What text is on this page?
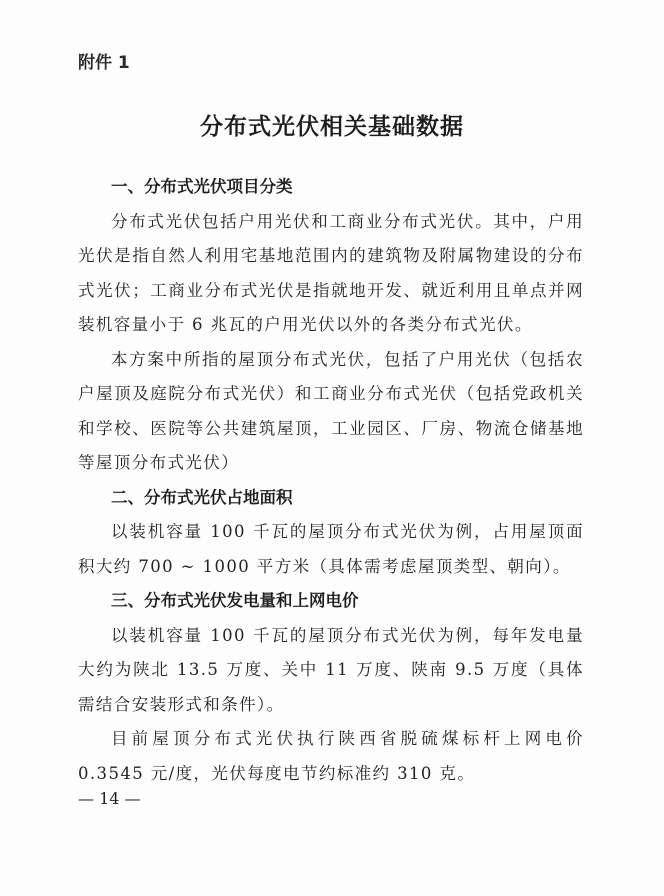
附件 1
分布式光伏相关基础数据
一、分布式光伏项目分类

分布式光伏包括户用光伏和工商业分布式光伏。其中，户用光伏是指自然人利用宅基地范围内的建筑物及附属物建设的分布式光伏；工商业分布式光伏是指就地开发、就近利用且单点并网装机容量小于 6 兆瓦的户用光伏以外的各类分布式光伏。

本方案中所指的屋顶分布式光伏，包括了户用光伏（包括农户屋顶及庭院分布式光伏）和工商业分布式光伏（包括党政机关和学校、医院等公共建筑屋顶，工业园区、厂房、物流仓储基地等屋顶分布式光伏）

二、分布式光伏占地面积

以装机容量 100 千瓦的屋顶分布式光伏为例，占用屋顶面积大约 700 ~ 1000 平方米（具体需考虑屋顶类型、朝向）。

三、分布式光伏发电量和上网电价

以装机容量 100 千瓦的屋顶分布式光伏为例，每年发电量大约为陕北 13.5 万度、关中 11 万度、陕南 9.5 万度（具体需结合安装形式和条件）。

目前屋顶分布式光伏执行陕西省脱硫煤标杆上网电价 0.3545 元/度，光伏每度电节约标准约 310 克。

— 14 —
